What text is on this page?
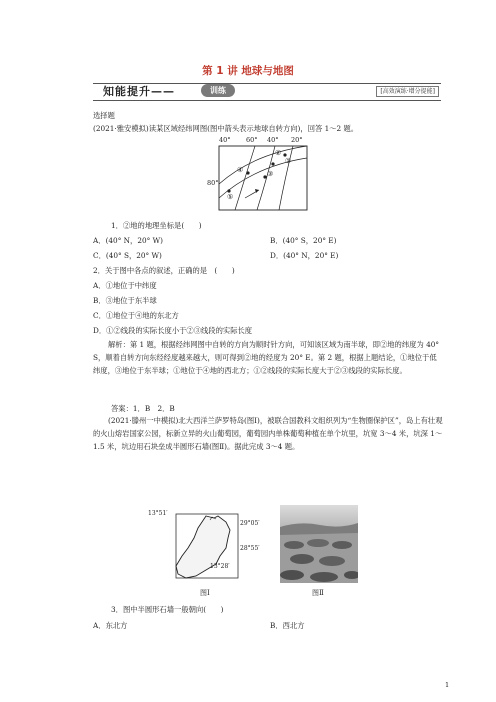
第 1 讲 地球与地图
知能提升——	训练	[高效演练·增分提能]
选择题
(2021·雅安模拟)读某区域经纬网图(图中箭头表示地球自转方向)，回答 1～2 题。
40° 60° 40° 20°
80°
①
②
③
④
⑤
1．②地的地理坐标是(　　)
A．(40° N，20° W)	B．(40° S，20° E)
C．(40° S，20° W)	D．(40° N，20° E)
2．关于图中各点的叙述，正确的是　(　　)
A．①地位于中纬度
B．③地位于东半球
C．①地位于④地的东北方
D．①②线段的实际长度小于②③线段的实际长度
解析：第 1 题，根据经纬网图中自转的方向为顺时针方向，可知该区域为南半球，即②地的纬度为 40° S，顺着自转方向东经经度越来越大，则可得到②地的经度为 20° E。第 2 题，根据上题结论，①地位于低纬度，③地位于东半球；①地位于④地的西北方；①②线段的实际长度大于②③线段的实际长度。
答案：1．B　2．B
(2021·滕州一中模拟)北大西洋兰萨罗特岛(图Ⅰ)，被联合国教科文组织列为“生物圈保护区”，岛上有壮观的火山熔岩国家公园，标新立异的火山葡萄园，葡萄园内单株葡萄种植在单个坑里，坑宽 3～4 米，坑深 1～1.5 米，坑边用石块垒成半圆形石墙(图Ⅱ)。据此完成 3～4 题。
13°51′
29°05′
28°55′
13°28′
图Ⅰ	图Ⅱ
3．图中半圆形石墙一般朝向(　　)
A．东北方	B．西北方
1
